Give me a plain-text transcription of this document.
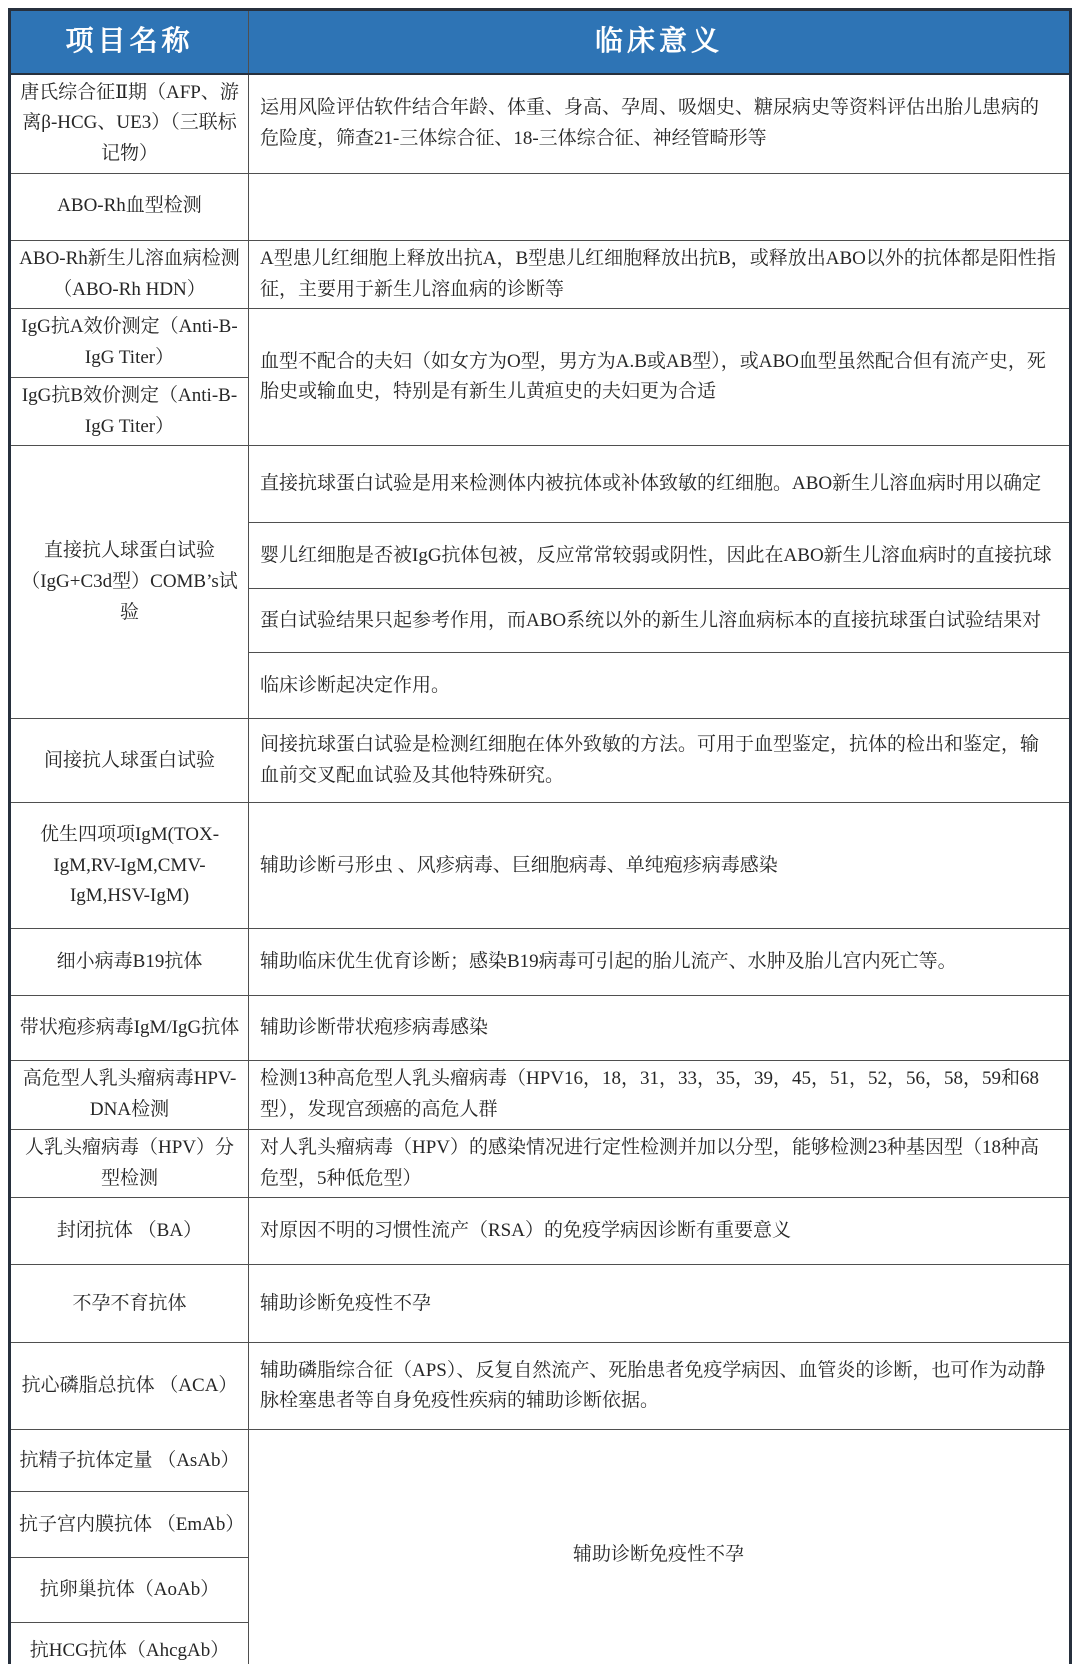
项目名称	临床意义
唐氏综合征Ⅱ期（AFP、游离β-HCG、UE3）（三联标记物）	运用风险评估软件结合年龄、体重、身高、孕周、吸烟史、糖尿病史等资料评估出胎儿患病的危险度，筛查21-三体综合征、18-三体综合征、神经管畸形等
ABO-Rh血型检测	
ABO-Rh新生儿溶血病检测（ABO-Rh HDN）	A型患儿红细胞上释放出抗A，B型患儿红细胞释放出抗B，或释放出ABO以外的抗体都是阳性指征，主要用于新生儿溶血病的诊断等
IgG抗A效价测定（Anti-B-IgG Titer）	血型不配合的夫妇（如女方为O型，男方为A.B或AB型），或ABO血型虽然配合但有流产史，死胎史或输血史，特别是有新生儿黄疸史的夫妇更为合适
IgG抗B效价测定（Anti-B-IgG Titer）	
直接抗人球蛋白试验（IgG+C3d型）COMB’s试验	直接抗球蛋白试验是用来检测体内被抗体或补体致敏的红细胞。ABO新生儿溶血病时用以确定
	婴儿红细胞是否被IgG抗体包被，反应常常较弱或阴性，因此在ABO新生儿溶血病时的直接抗球
	蛋白试验结果只起参考作用，而ABO系统以外的新生儿溶血病标本的直接抗球蛋白试验结果对
	临床诊断起决定作用。
间接抗人球蛋白试验	间接抗球蛋白试验是检测红细胞在体外致敏的方法。可用于血型鉴定，抗体的检出和鉴定，输血前交叉配血试验及其他特殊研究。
优生四项项IgM(TOX-IgM,RV-IgM,CMV-IgM,HSV-IgM)	辅助诊断弓形虫 、风疹病毒、巨细胞病毒、单纯疱疹病毒感染
细小病毒B19抗体	辅助临床优生优育诊断；感染B19病毒可引起的胎儿流产、水肿及胎儿宫内死亡等。
带状疱疹病毒IgM/IgG抗体	辅助诊断带状疱疹病毒感染
高危型人乳头瘤病毒HPV-DNA检测	检测13种高危型人乳头瘤病毒（HPV16，18，31，33，35，39，45，51，52，56，58，59和68型），发现宫颈癌的高危人群
人乳头瘤病毒（HPV）分型检测	对人乳头瘤病毒（HPV）的感染情况进行定性检测并加以分型，能够检测23种基因型（18种高危型，5种低危型）
封闭抗体 （BA）	对原因不明的习惯性流产（RSA）的免疫学病因诊断有重要意义
不孕不育抗体	辅助诊断免疫性不孕
抗心磷脂总抗体 （ACA）	辅助磷脂综合征（APS）、反复自然流产、死胎患者免疫学病因、血管炎的诊断，也可作为动静脉栓塞患者等自身免疫性疾病的辅助诊断依据。
抗精子抗体定量 （AsAb）	辅助诊断免疫性不孕
抗子宫内膜抗体 （EmAb）	
抗卵巢抗体（AoAb）	
抗HCG抗体（AhcgAb）	
